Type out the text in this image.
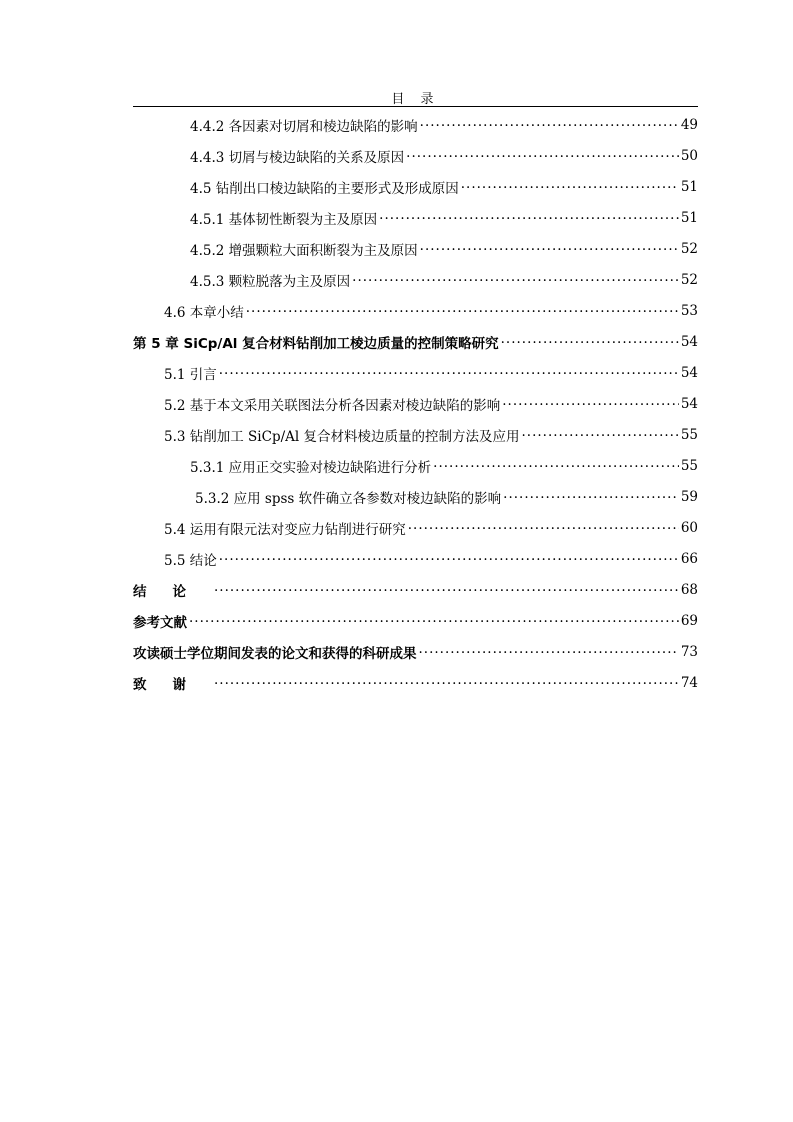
目 录
4.4.2 各因素对切屑和棱边缺陷的影响 ·····	49
4.4.3 切屑与棱边缺陷的关系及原因 ·····	50
4.5 钻削出口棱边缺陷的主要形式及形成原因 ·····	51
4.5.1 基体韧性断裂为主及原因 ·····	51
4.5.2 增强颗粒大面积断裂为主及原因 ·····	52
4.5.3 颗粒脱落为主及原因 ·····	52
4.6 本章小结 ·····	53
第 5 章 SiCp/Al 复合材料钻削加工棱边质量的控制策略研究 ·····	54
5.1 引言 ·····	54
5.2 基于本文采用关联图法分析各因素对棱边缺陷的影响 ·····	54
5.3 钻削加工 SiCp/Al 复合材料棱边质量的控制方法及应用 ·····	55
5.3.1 应用正交实验对棱边缺陷进行分析 ·····	55
5.3.2 应用 spss 软件确立各参数对棱边缺陷的影响 ·····	59
5.4 运用有限元法对变应力钻削进行研究 ·····	60
5.5 结论 ·····	66
结论 ·····	68
参考文献 ·····	69
攻读硕士学位期间发表的论文和获得的科研成果 ·····	73
致谢 ·····	74
